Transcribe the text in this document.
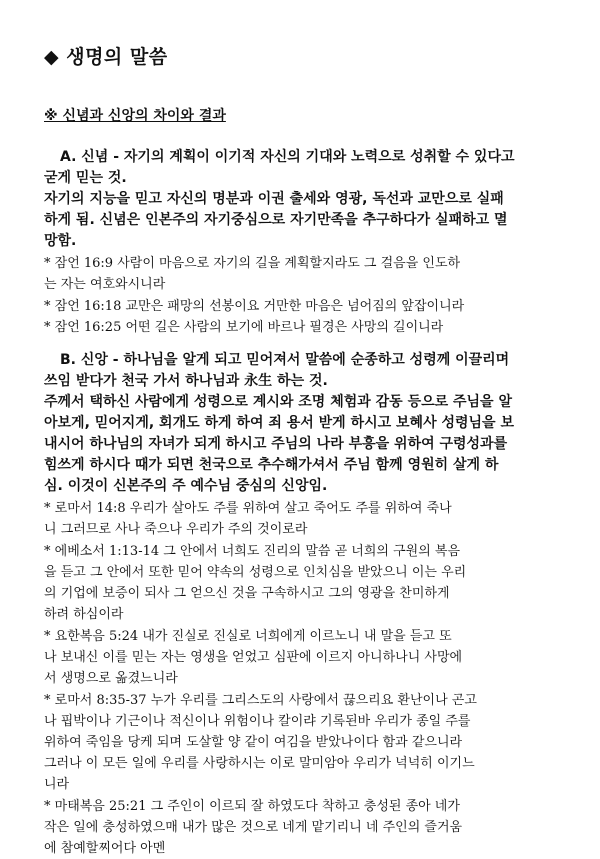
◆ 생명의 말씀
※ 신념과 신앙의 차이와 결과
A. 신념 - 자기의 계획이 이기적 자신의 기대와 노력으로 성취할 수 있다고
굳게 믿는 것.
자기의 지능을 믿고 자신의 명분과 이권 출세와 영광, 독선과 교만으로 실패
하게 됨. 신념은 인본주의 자기중심으로 자기만족을 추구하다가 실패하고 멸
망함.
* 잠언 16:9 사람이 마음으로 자기의 길을 계획할지라도 그 걸음을 인도하
는 자는 여호와시니라
* 잠언 16:18 교만은 패망의 선봉이요 거만한 마음은 넘어짐의 앞잡이니라
* 잠언 16:25 어떤 길은 사람의 보기에 바르나 필경은 사망의 길이니라
B. 신앙 - 하나님을 알게 되고 믿어져서 말씀에 순종하고 성령께 이끌리며
쓰임 받다가 천국 가서 하나님과 永生 하는 것.
주께서 택하신 사람에게 성령으로 계시와 조명 체험과 감동 등으로 주님을 알
아보게, 믿어지게, 회개도 하게 하여 죄 용서 받게 하시고 보혜사 성령님을 보
내시어 하나님의 자녀가 되게 하시고 주님의 나라 부흥을 위하여 구령성과를
힘쓰게 하시다 때가 되면 천국으로 추수해가셔서 주님 함께 영원히 살게 하
심. 이것이 신본주의 주 예수님 중심의 신앙임.
* 로마서 14:8 우리가 살아도 주를 위하여 살고 죽어도 주를 위하여 죽나
니 그러므로 사나 죽으나 우리가 주의 것이로라
* 에베소서 1:13-14 그 안에서 너희도 진리의 말씀 곧 너희의 구원의 복음
을 듣고 그 안에서 또한 믿어 약속의 성령으로 인치심을 받았으니 이는 우리
의 기업에 보증이 되사 그 얻으신 것을 구속하시고 그의 영광을 찬미하게
하려 하심이라
* 요한복음 5:24 내가 진실로 진실로 너희에게 이르노니 내 말을 듣고 또
나 보내신 이를 믿는 자는 영생을 얻었고 심판에 이르지 아니하나니 사망에
서 생명으로 옮겼느니라
* 로마서 8:35-37 누가 우리를 그리스도의 사랑에서 끊으리요 환난이나 곤고
나 핍박이나 기근이나 적신이나 위험이나 칼이랴 기록된바 우리가 종일 주를
위하여 죽임을 당케 되며 도살할 양 같이 여김을 받았나이다 함과 같으니라
그러나 이 모든 일에 우리를 사랑하시는 이로 말미암아 우리가 넉넉히 이기느
니라
* 마태복음 25:21 그 주인이 이르되 잘 하였도다 착하고 충성된 종아 네가
작은 일에 충성하였으매 내가 많은 것으로 네게 맡기리니 네 주인의 즐거움
에 참예할찌어다 아멘
